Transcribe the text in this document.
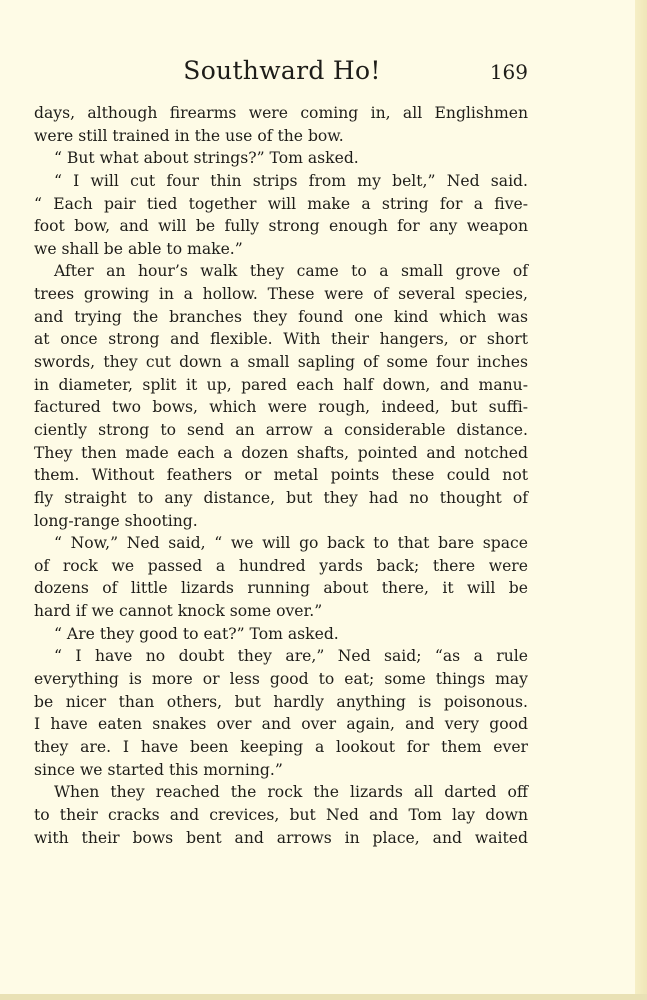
Southward Ho!	169
days, although firearms were coming in, all Englishmen
were still trained in the use of the bow.
“ But what about strings?” Tom asked.
“ I will cut four thin strips from my belt,” Ned said.
“ Each pair tied together will make a string for a five-
foot bow, and will be fully strong enough for any weapon
we shall be able to make.”
After an hour’s walk they came to a small grove of
trees growing in a hollow. These were of several species,
and trying the branches they found one kind which was
at once strong and flexible. With their hangers, or short
swords, they cut down a small sapling of some four inches
in diameter, split it up, pared each half down, and manu-
factured two bows, which were rough, indeed, but suffi-
ciently strong to send an arrow a considerable distance.
They then made each a dozen shafts, pointed and notched
them. Without feathers or metal points these could not
fly straight to any distance, but they had no thought of
long-range shooting.
“ Now,” Ned said, “ we will go back to that bare space
of rock we passed a hundred yards back; there were
dozens of little lizards running about there, it will be
hard if we cannot knock some over.”
“ Are they good to eat?” Tom asked.
“ I have no doubt they are,” Ned said; “as a rule
everything is more or less good to eat; some things may
be nicer than others, but hardly anything is poisonous.
I have eaten snakes over and over again, and very good
they are. I have been keeping a lookout for them ever
since we started this morning.”
When they reached the rock the lizards all darted off
to their cracks and crevices, but Ned and Tom lay down
with their bows bent and arrows in place, and waited
